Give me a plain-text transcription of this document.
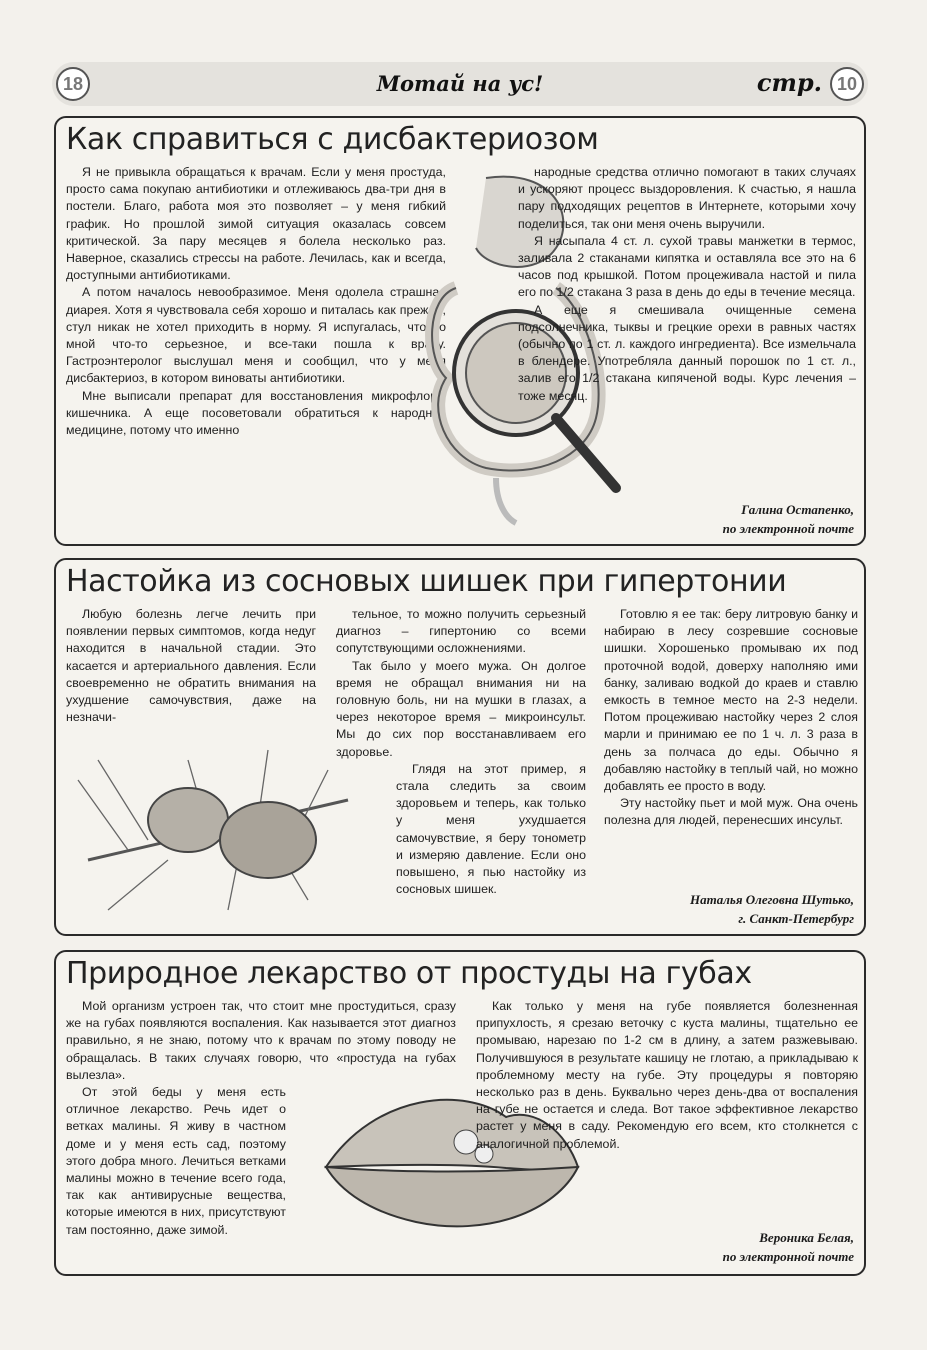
18	Мотай на ус!	стр. 10
Как справиться с дисбактериозом

Я не привыкла обращаться к врачам. Если у меня простуда, просто сама покупаю антибиотики и отлеживаюсь два-три дня в постели. Благо, работа моя это позволяет – у меня гибкий график. Но прошлой зимой ситуация оказалась совсем критической. За пару месяцев я болела несколько раз. Наверное, сказались стрессы на работе. Лечилась, как и всегда, доступными антибиотиками.

А потом началось невообразимое. Меня одолела страшная диарея. Хотя я чувствовала себя хорошо и питалась как прежде, стул никак не хотел приходить в норму. Я испугалась, что со мной что-то серьезное, и все-таки пошла к врачу. Гастроэнтеролог выслушал меня и сообщил, что у меня дисбактериоз, в котором виноваты антибиотики.

Мне выписали препарат для восстановления микрофлоры кишечника. А еще посоветовали обратиться к народной медицине, потому что именно

народные средства отлично помогают в таких случаях и ускоряют процесс выздоровления. К счастью, я нашла пару подходящих рецептов в Интернете, которыми хочу поделиться, так они меня очень выручили.

Я насыпала 4 ст. л. сухой травы манжетки в термос, заливала 2 стаканами кипятка и оставляла все это на 6 часов под крышкой. Потом процеживала настой и пила его по 1/2 стакана 3 раза в день до еды в течение месяца.

А еще я смешивала очищенные семена подсолнечника, тыквы и грецкие орехи в равных частях (обычно по 1 ст. л. каждого ингредиента). Все измельчала в блендере. Употребляла данный порошок по 1 ст. л., залив его 1/2 стакана кипяченой воды. Курс лечения – тоже месяц.

Галина Остапенко,
по электронной почте
Настойка из сосновых шишек при гипертонии

Любую болезнь легче лечить при появлении первых симптомов, когда недуг находится в начальной стадии. Это касается и артериального давления. Если своевременно не обратить внимания на ухудшение самочувствия, даже на незначи-

тельное, то можно получить серьезный диагноз – гипертонию со всеми сопутствующими осложнениями.

Так было у моего мужа. Он долгое время не обращал внимания ни на головную боль, ни на мушки в глазах, а через некоторое время – микроинсульт. Мы до сих пор восстанавливаем его здоровье.

Глядя на этот пример, я стала следить за своим здоровьем и теперь, как только у меня ухудшается самочувствие, я беру тонометр и измеряю давление. Если оно повышено, я пью настойку из сосновых шишек.

Готовлю я ее так: беру литровую банку и набираю в лесу созревшие сосновые шишки. Хорошенько промываю их под проточной водой, доверху наполняю ими банку, заливаю водкой до краев и ставлю емкость в темное место на 2-3 недели. Потом процеживаю настойку через 2 слоя марли и принимаю ее по 1 ч. л. 3 раза в день за полчаса до еды. Обычно я добавляю настойку в теплый чай, но можно добавлять ее просто в воду.

Эту настойку пьет и мой муж. Она очень полезна для людей, перенесших инсульт.

Наталья Олеговна Шутько,
г. Санкт-Петербург
Природное лекарство от простуды на губах

Мой организм устроен так, что стоит мне простудиться, сразу же на губах появляются воспаления. Как называется этот диагноз правильно, я не знаю, потому что к врачам по этому поводу не обращалась. В таких случаях говорю, что «простуда на губах вылезла».

От этой беды у меня есть отличное лекарство. Речь идет о ветках малины. Я живу в частном доме и у меня есть сад, поэтому этого добра много. Лечиться ветками малины можно в течение всего года, так как антивирусные вещества, которые имеются в них, присутствуют там постоянно, даже зимой.

Как только у меня на губе появляется болезненная припухлость, я срезаю веточку с куста малины, тщательно ее промываю, нарезаю по 1-2 см в длину, а затем разжевываю. Получившуюся в результате кашицу не глотаю, а прикладываю к проблемному месту на губе. Эту процедуры я повторяю несколько раз в день. Буквально через день-два от воспаления на губе не остается и следа. Вот такое эффективное лекарство растет у меня в саду. Рекомендую его всем, кто столкнется с аналогичной проблемой.

Вероника Белая,
по электронной почте
